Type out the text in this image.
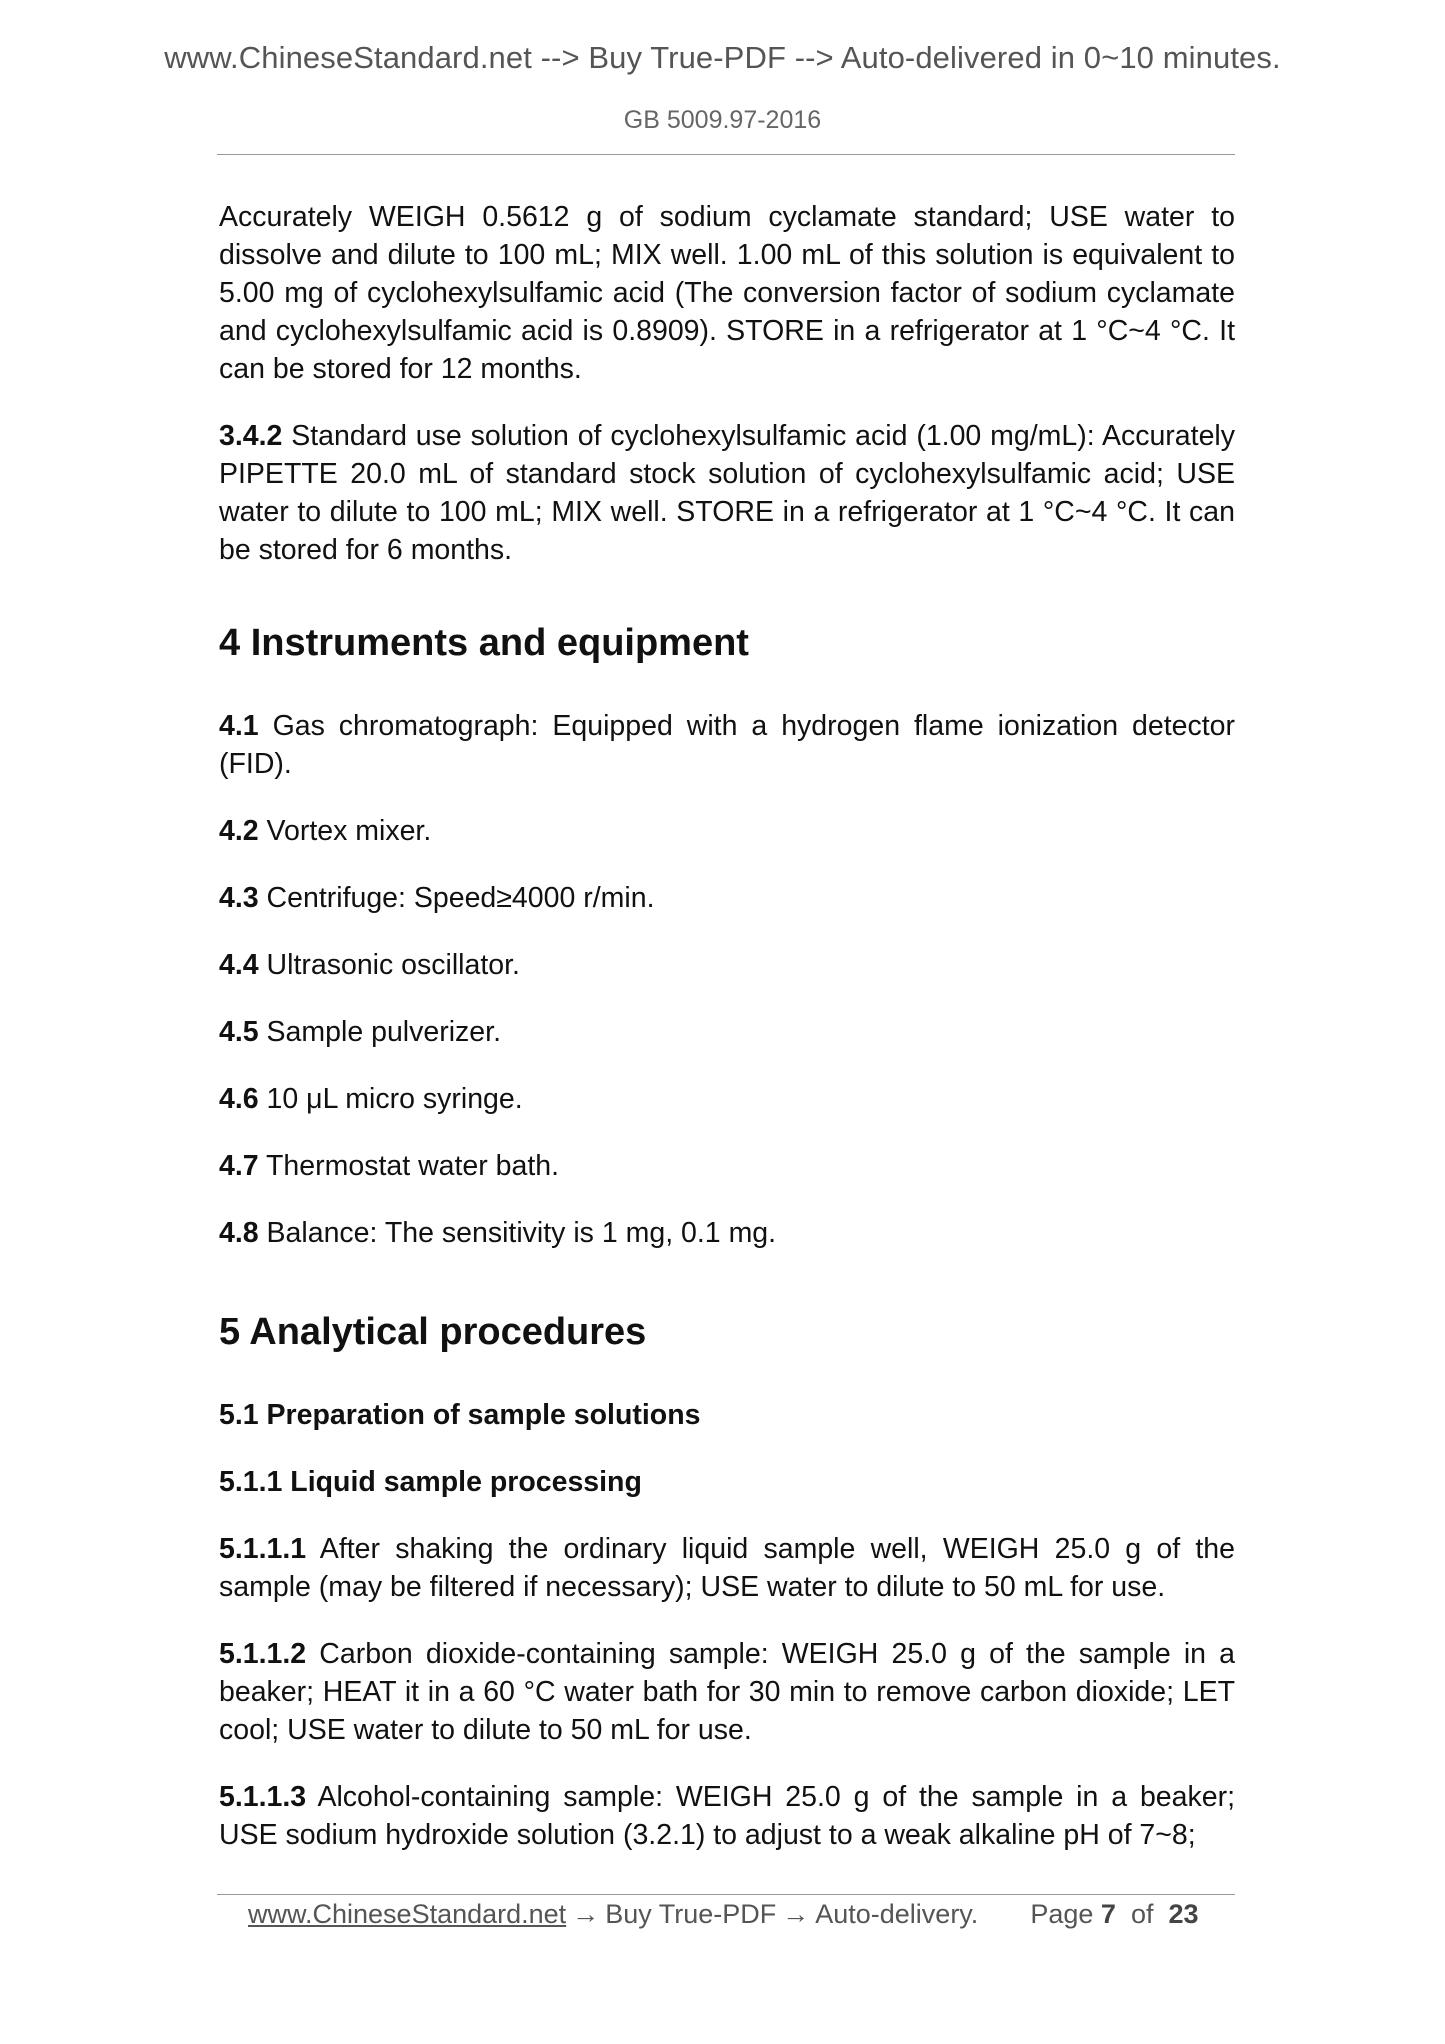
www.ChineseStandard.net --> Buy True-PDF --> Auto-delivered in 0~10 minutes.
GB 5009.97-2016

Accurately WEIGH 0.5612 g of sodium cyclamate standard; USE water to dissolve and dilute to 100 mL; MIX well. 1.00 mL of this solution is equivalent to 5.00 mg of cyclohexylsulfamic acid (The conversion factor of sodium cyclamate and cyclohexylsulfamic acid is 0.8909). STORE in a refrigerator at 1 °C~4 °C. It can be stored for 12 months.

3.4.2 Standard use solution of cyclohexylsulfamic acid (1.00 mg/mL): Accurately PIPETTE 20.0 mL of standard stock solution of cyclohexylsulfamic acid; USE water to dilute to 100 mL; MIX well. STORE in a refrigerator at 1 °C~4 °C. It can be stored for 6 months.

4 Instruments and equipment

4.1 Gas chromatograph: Equipped with a hydrogen flame ionization detector (FID).

4.2 Vortex mixer.

4.3 Centrifuge: Speed≥4000 r/min.

4.4 Ultrasonic oscillator.

4.5 Sample pulverizer.

4.6 10 μL micro syringe.

4.7 Thermostat water bath.

4.8 Balance: The sensitivity is 1 mg, 0.1 mg.

5 Analytical procedures
5.1 Preparation of sample solutions
5.1.1 Liquid sample processing

5.1.1.1 After shaking the ordinary liquid sample well, WEIGH 25.0 g of the sample (may be filtered if necessary); USE water to dilute to 50 mL for use.

5.1.1.2 Carbon dioxide-containing sample: WEIGH 25.0 g of the sample in a beaker; HEAT it in a 60 °C water bath for 30 min to remove carbon dioxide; LET cool; USE water to dilute to 50 mL for use.

5.1.1.3 Alcohol-containing sample: WEIGH 25.0 g of the sample in a beaker; USE sodium hydroxide solution (3.2.1) to adjust to a weak alkaline pH of 7~8;

www.ChineseStandard.net → Buy True-PDF → Auto-delivery. Page 7 of 23
